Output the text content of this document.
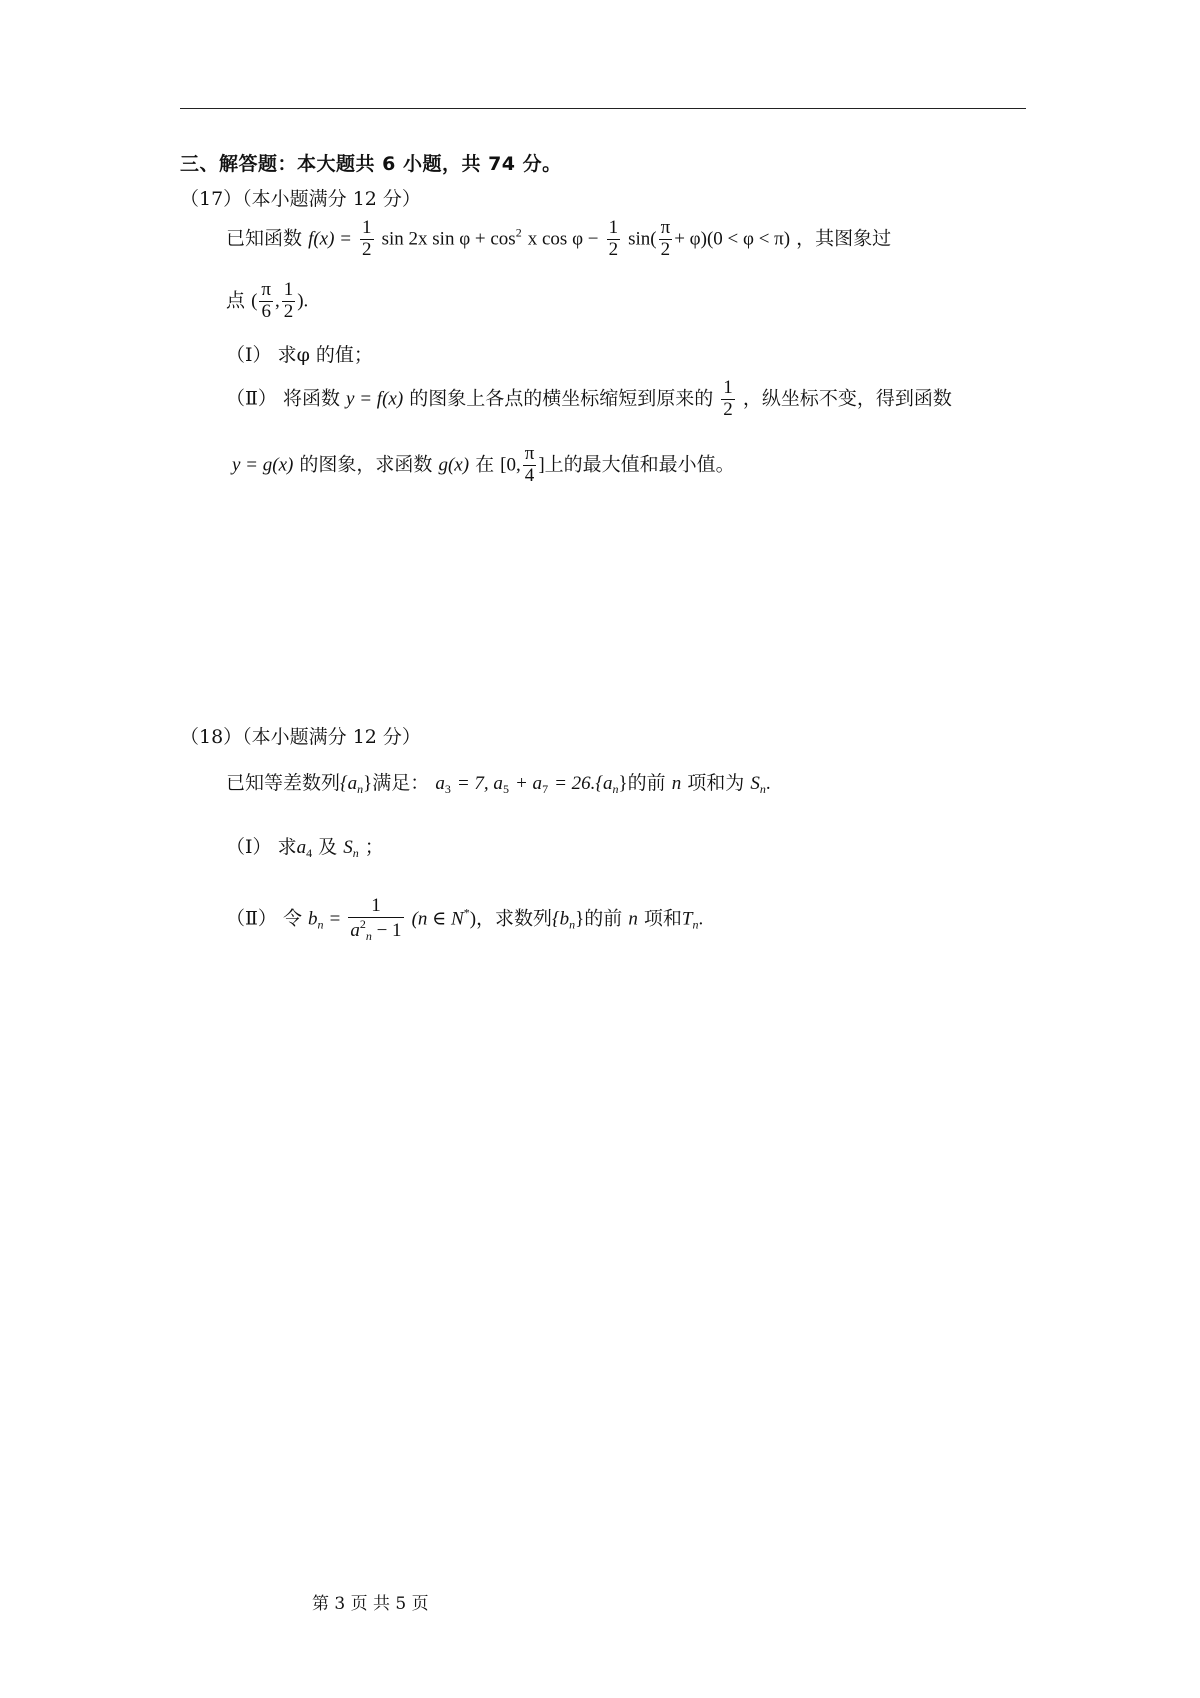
三、解答题：本大题共 6 小题，共 74 分。
（17）（本小题满分 12 分）
已知函数 $f(x) = \frac{1}{2}$ sin 2x $\sin \varphi + \cos^2 x$ $\cos \varphi - \frac{1}{2} \sin( \frac{\pi}{2} + \varphi)(0 < \varphi < \pi)$ ，其图象过
点 ( $\frac{\pi}{6}$ , $\frac{1}{2}$ ).
（Ⅰ） 求φ 的值；
（Ⅱ） 将函数 y = f(x) 的图象上各点的横坐标缩短到原来的 $\frac{1}{2}$ ，纵坐标不变，得到函数
y = g(x) 的图象，求函数 g(x) 在 [0, $\frac{\pi}{4}$ ]上的最大值和最小值。
（18）（本小题满分 12 分）
已知等差数列$\{a_n\}$满足： $a_3 = 7$, $a_5 + a_7 = 26.\{a_n\}$的前 n 项和为 $S_n$.
（Ⅰ） 求$a_4$ 及 $S_n$ ；
（Ⅱ） 令 $b_n = \frac{1}{a^2_n - 1} (n$ ∈ N*)，求数列$\{b_n\}$的前 n 项和$T_n$.
第 3 页 共 5 页
